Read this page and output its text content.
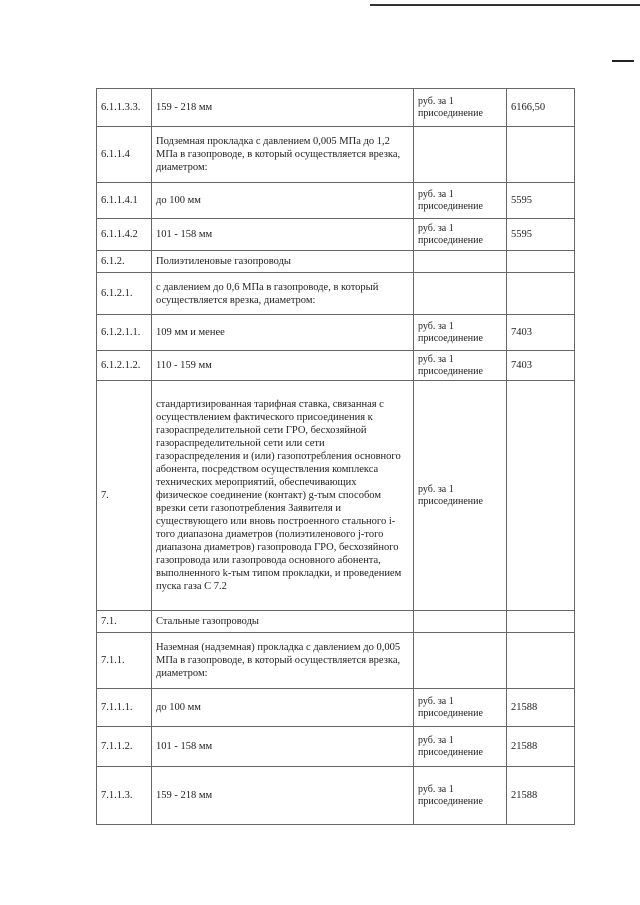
6.1.1.3.3.	159 - 218 мм	руб. за 1 присоединение	6166,50
6.1.1.4	Подземная прокладка с давлением 0,005 МПа до 1,2 МПа в газопроводе, в который осуществляется врезка, диаметром:		
6.1.1.4.1	до 100 мм	руб. за 1 присоединение	5595
6.1.1.4.2	101 - 158 мм	руб. за 1 присоединение	5595
6.1.2.	Полиэтиленовые газопроводы		
6.1.2.1.	с давлением до 0,6 МПа в газопроводе, в который осуществляется врезка, диаметром:		
6.1.2.1.1.	109 мм и менее	руб. за 1 присоединение	7403
6.1.2.1.2.	110 - 159 мм	руб. за 1 присоединение	7403
7.	стандартизированная тарифная ставка, связанная с осуществлением фактического присоединения к газораспределительной сети ГРО, бесхозяйной газораспределительной сети или сети газораспределения и (или) газопотребления основного абонента, посредством осуществления комплекса технических мероприятий, обеспечивающих физическое соединение (контакт) g-тым способом врезки сети газопотребления Заявителя и существующего или вновь построенного стального i-того диапазона диаметров (полиэтиленового j-того диапазона диаметров) газопровода ГРО, бесхозяйного газопровода или газопровода основного абонента, выполненного k-тым типом прокладки, и проведением пуска газа С 7.2	руб. за 1 присоединение	
7.1.	Стальные газопроводы		
7.1.1.	Наземная (надземная) прокладка с давлением до 0,005 МПа в газопроводе, в который осуществляется врезка, диаметром:		
7.1.1.1.	до 100 мм	руб. за 1 присоединение	21588
7.1.1.2.	101 - 158 мм	руб. за 1 присоединение	21588
7.1.1.3.	159 - 218 мм	руб. за 1 присоединение	21588
